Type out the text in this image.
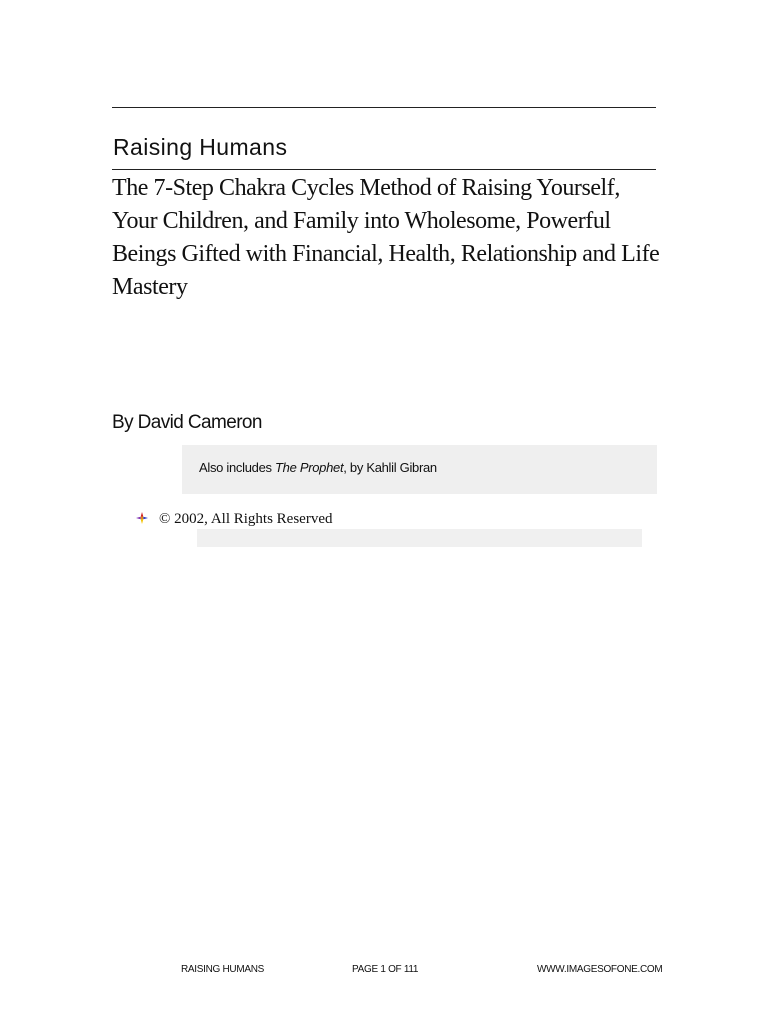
Raising Humans
The 7-Step Chakra Cycles Method of Raising Yourself, Your Children, and Family into Wholesome, Powerful Beings Gifted with Financial, Health, Relationship and Life Mastery
By David Cameron
Also includes The Prophet, by Kahlil Gibran
© 2002, All Rights Reserved
RAISING HUMANS	PAGE 1 OF 111	WWW.IMAGESOFONE.COM
